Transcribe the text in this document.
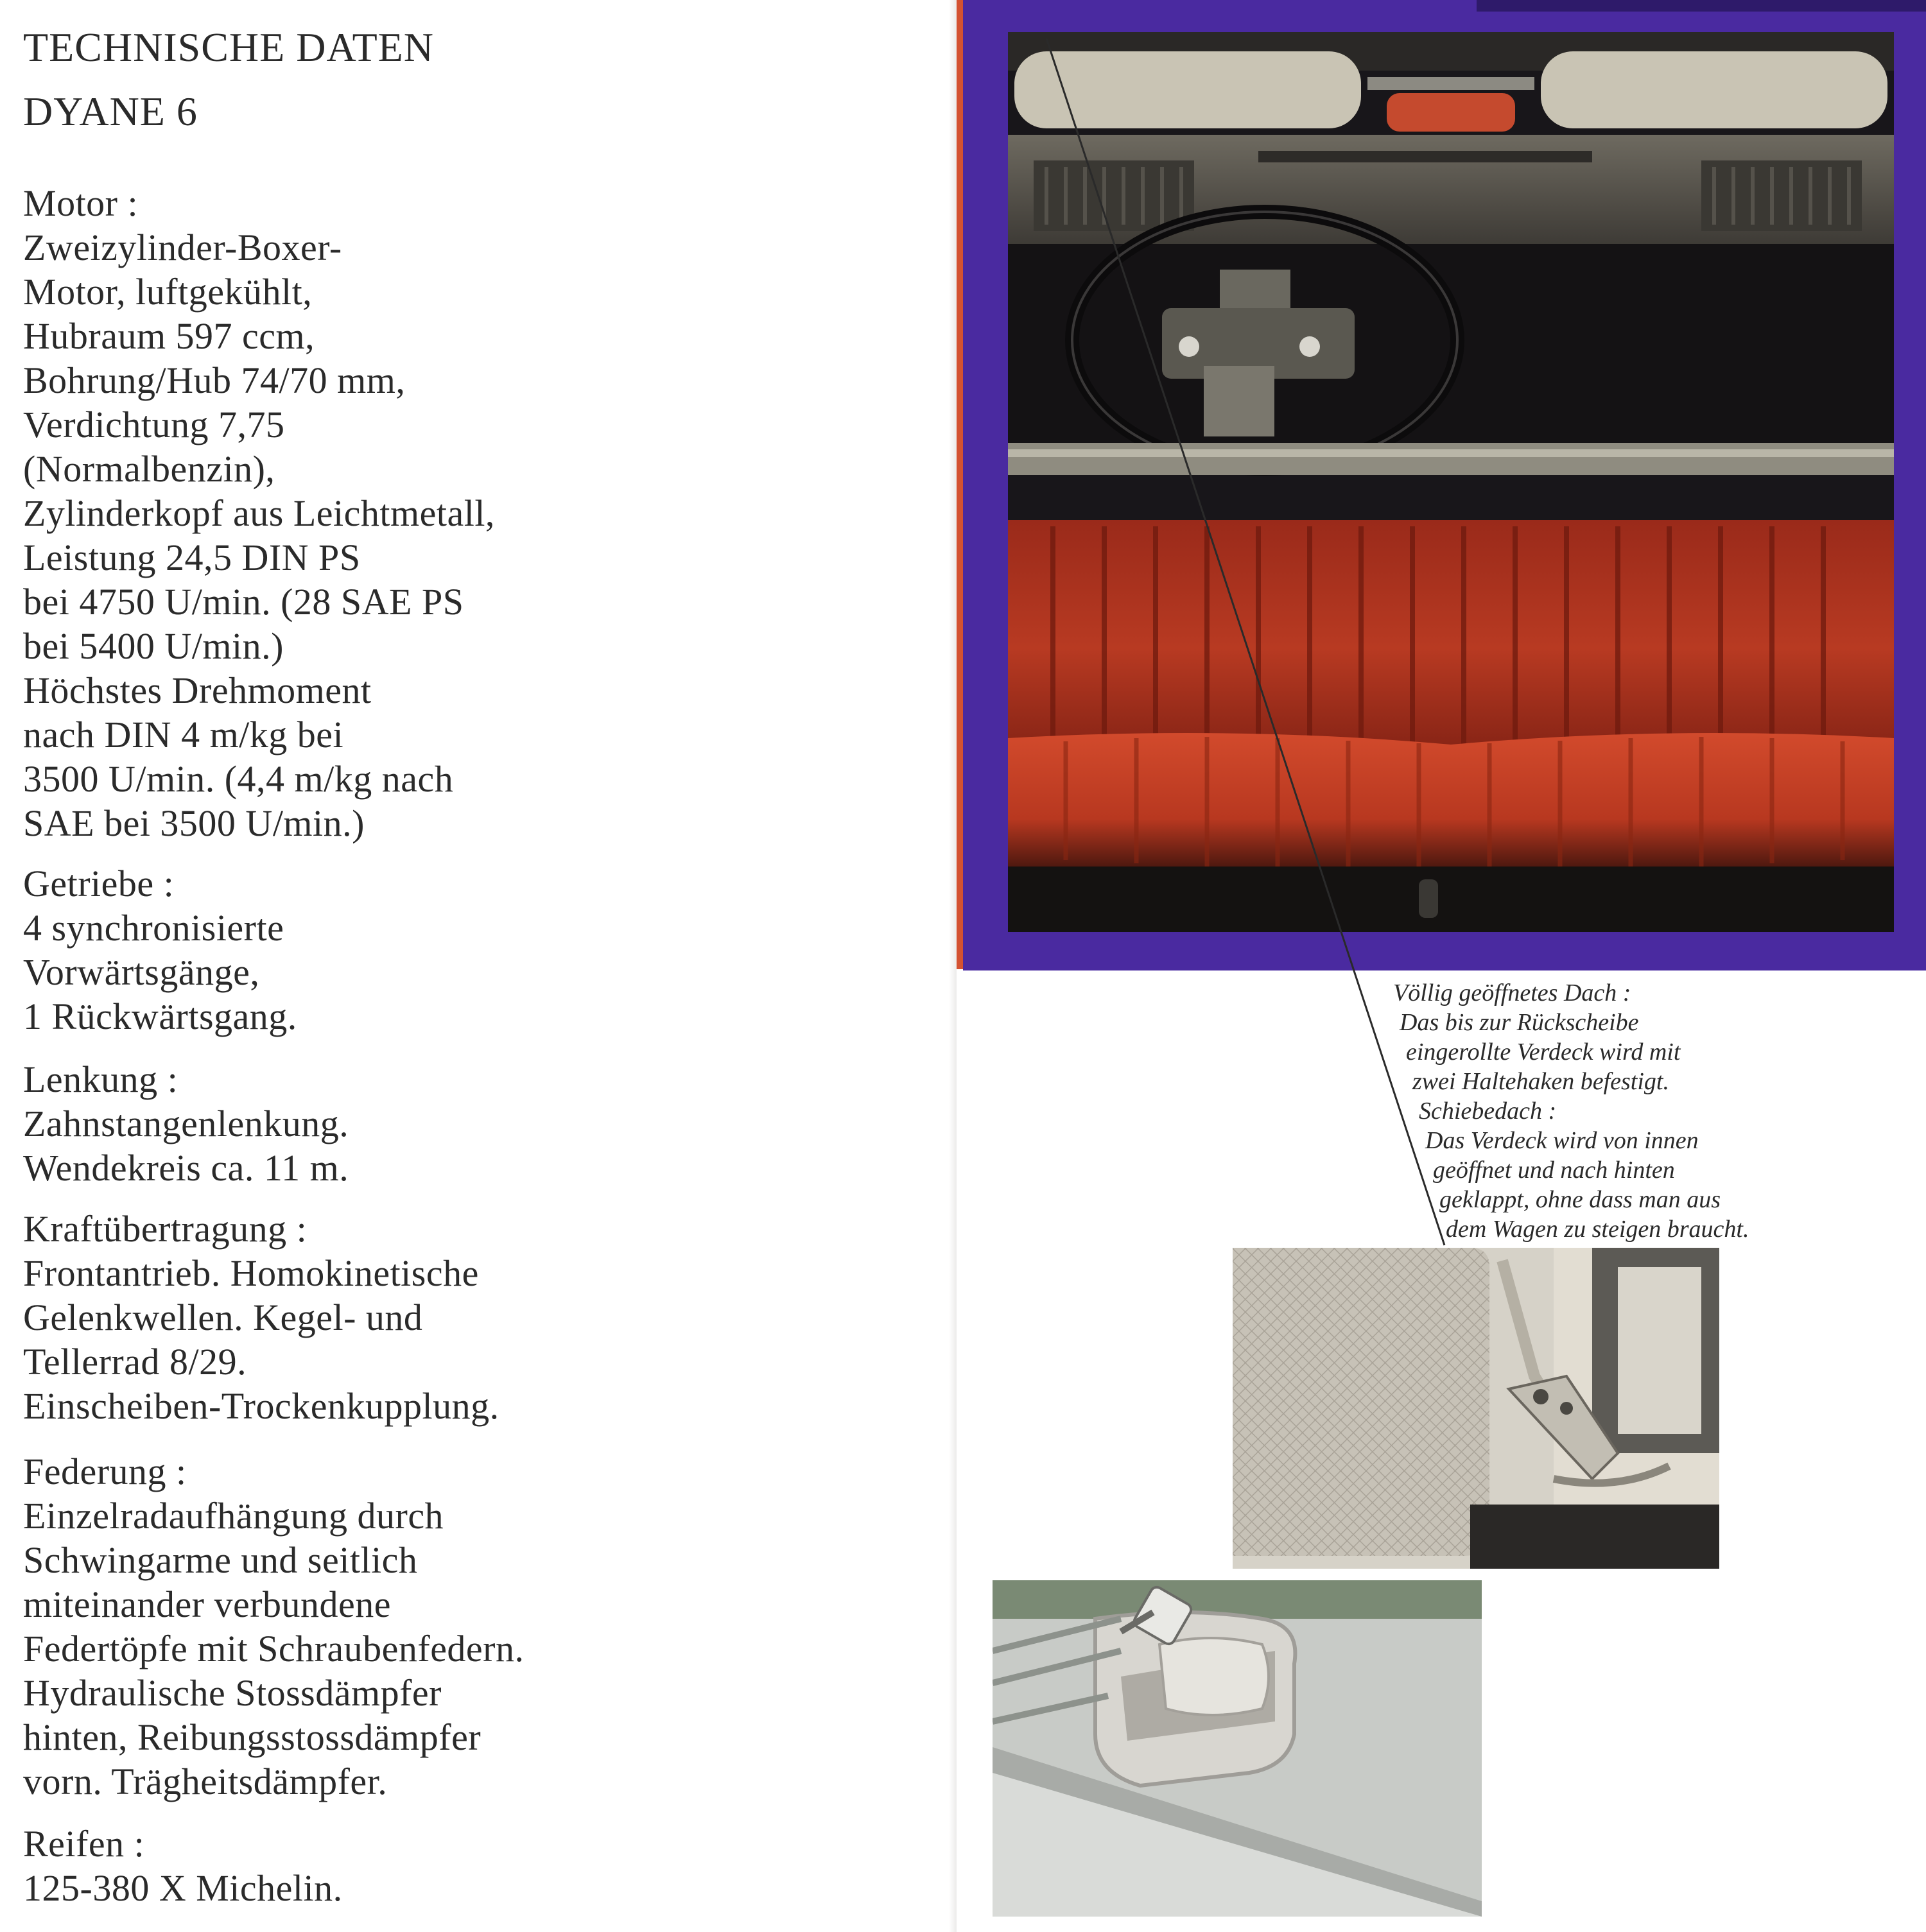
TECHNISCHE DATEN
DYANE 6
Motor :
Zweizylinder-Boxer-
Motor, luftgekühlt,
Hubraum 597 ccm,
Bohrung/Hub 74/70 mm,
Verdichtung 7,75
(Normalbenzin),
Zylinderkopf aus Leichtmetall,
Leistung 24,5 DIN PS
bei 4750 U/min. (28 SAE PS
bei 5400 U/min.)
Höchstes Drehmoment
nach DIN 4 m/kg bei
3500 U/min. (4,4 m/kg nach
SAE bei 3500 U/min.)
Getriebe :
4 synchronisierte
Vorwärtsgänge,
1 Rückwärtsgang.
Lenkung :
Zahnstangenlenkung.
Wendekreis ca. 11 m.
Kraftübertragung :
Frontantrieb. Homokinetische
Gelenkwellen. Kegel- und
Tellerrad 8/29.
Einscheiben-Trockenkupplung.
Federung :
Einzelradaufhängung durch
Schwingarme und seitlich
miteinander verbundene
Federtöpfe mit Schraubenfedern.
Hydraulische Stossdämpfer
hinten, Reibungsstossdämpfer
vorn. Trägheitsdämpfer.
Reifen :
125-380 X Michelin.
Völlig geöffnetes Dach :
Das bis zur Rückscheibe
eingerollte Verdeck wird mit
zwei Haltehaken befestigt.
Schiebedach :
Das Verdeck wird von innen
geöffnet und nach hinten
geklappt, ohne dass man aus
dem Wagen zu steigen braucht.
